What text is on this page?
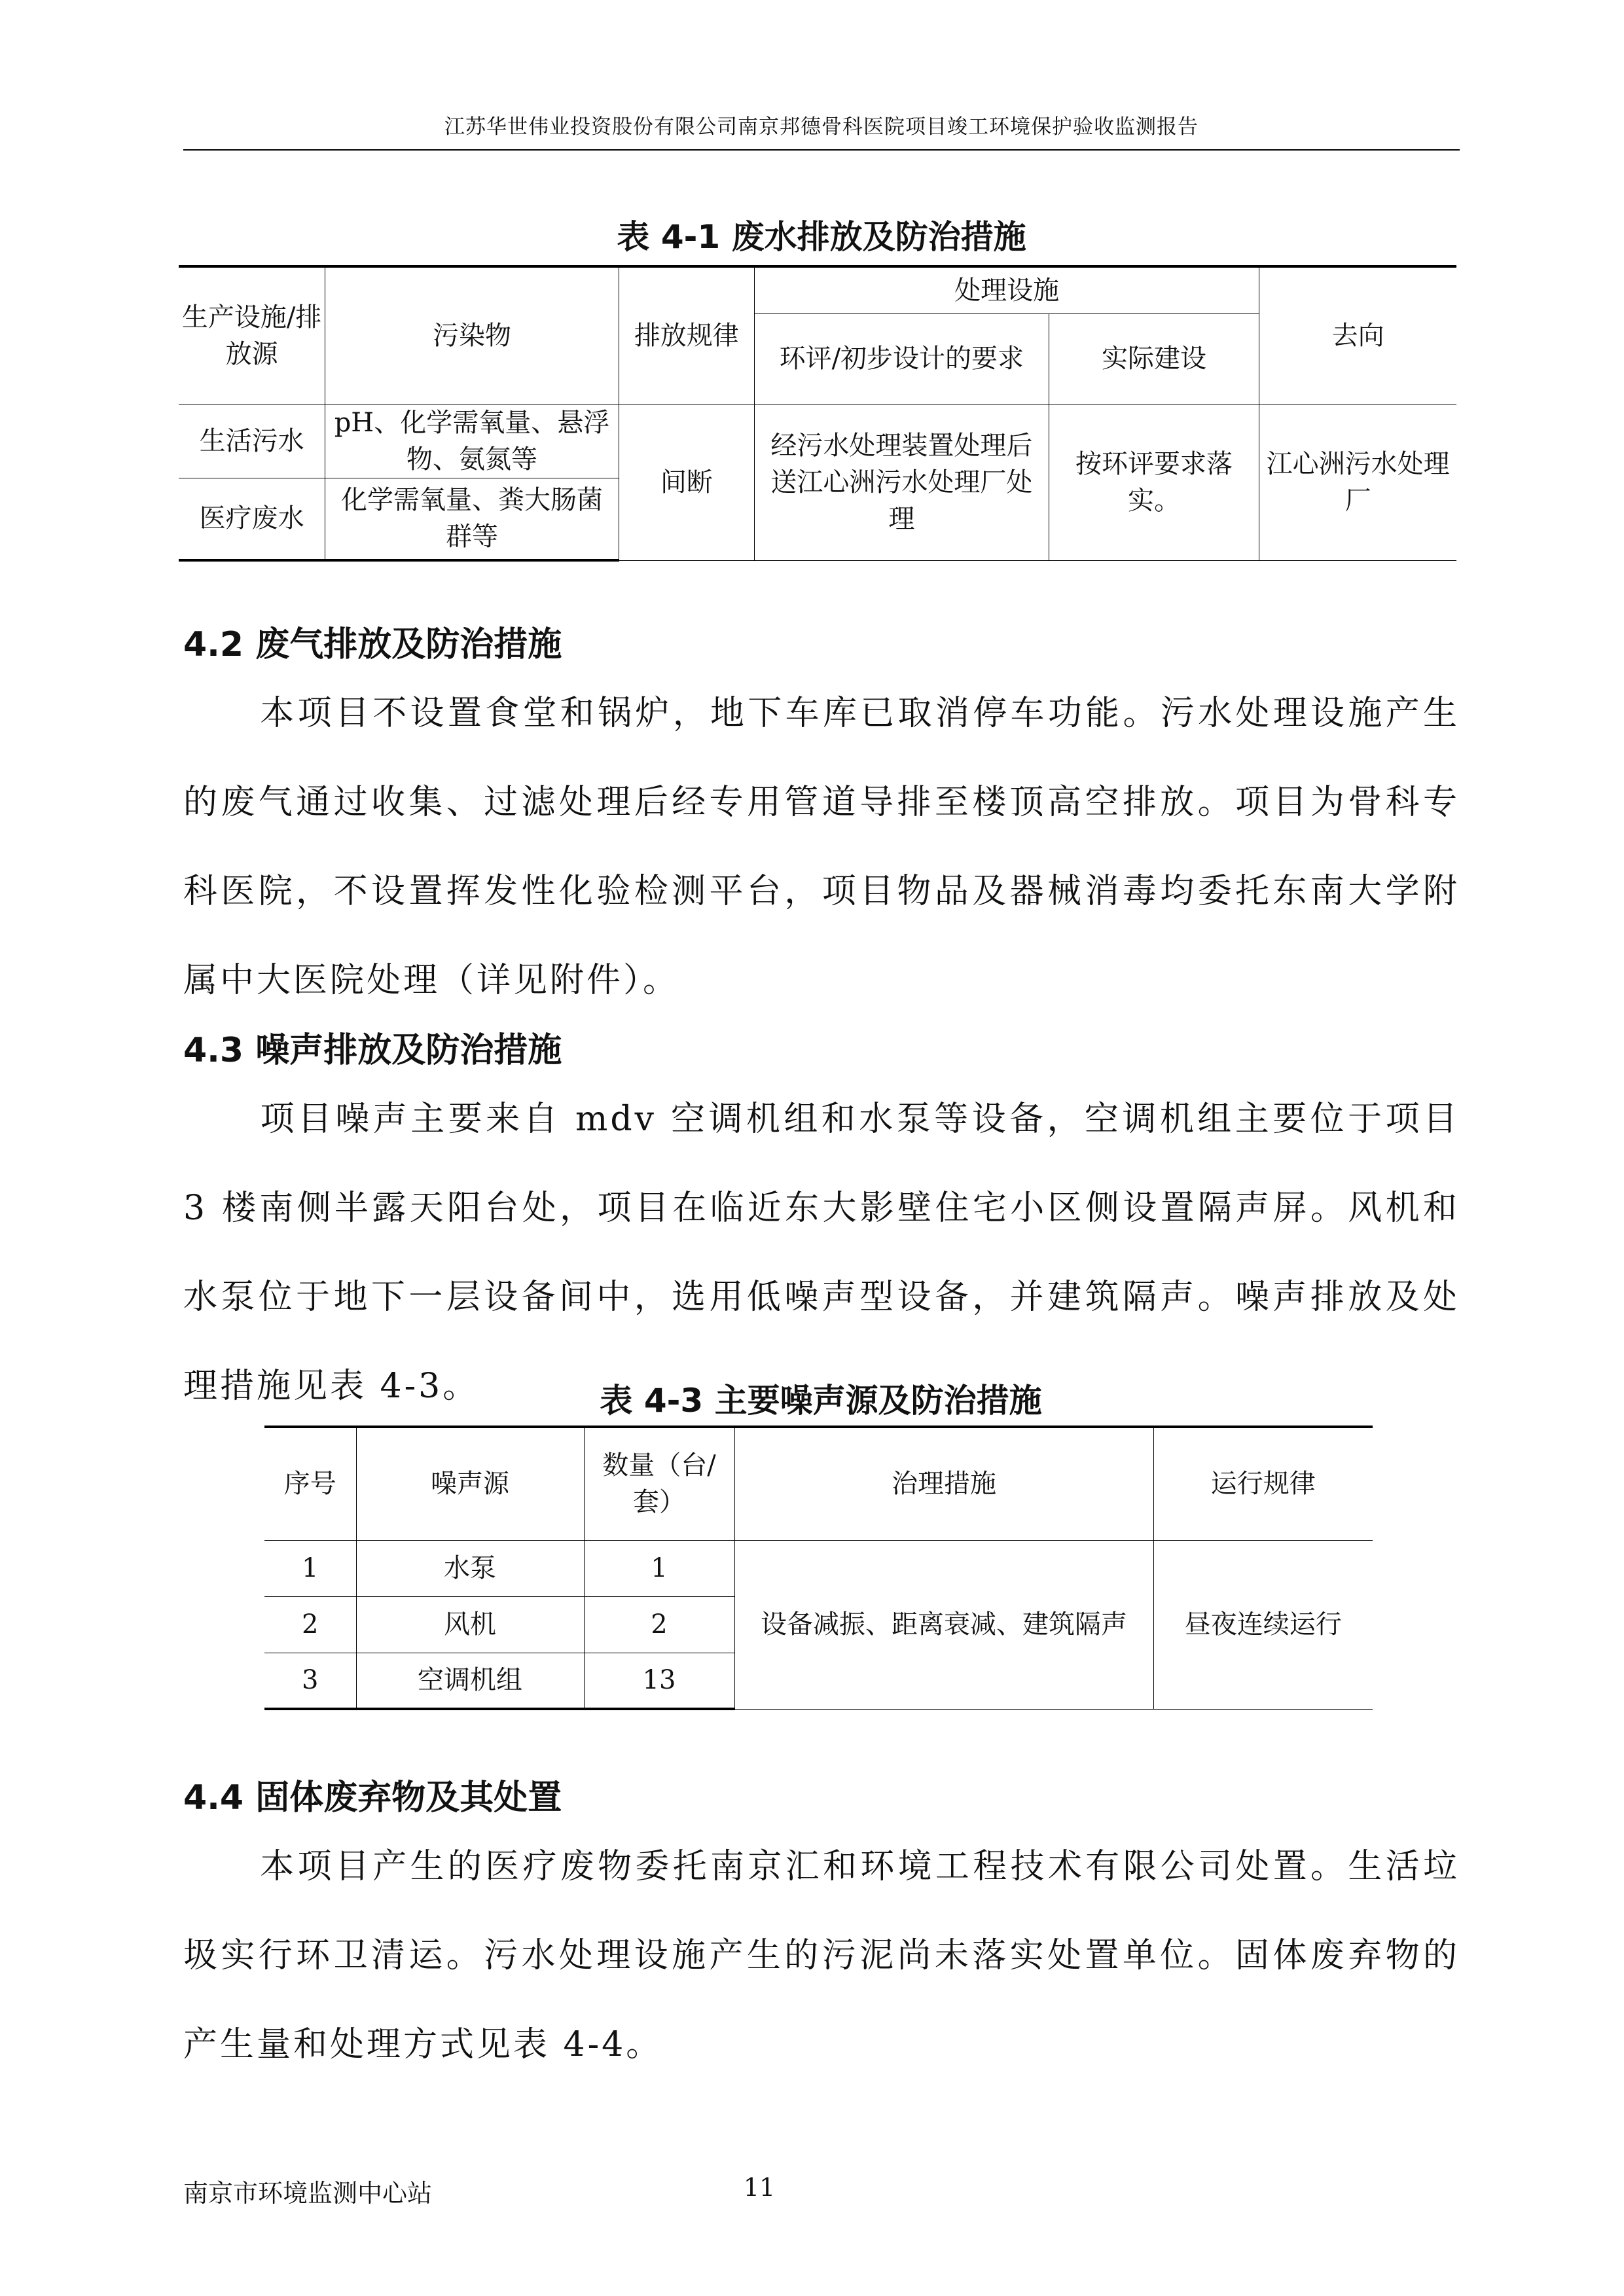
江苏华世伟业投资股份有限公司南京邦德骨科医院项目竣工环境保护验收监测报告
表 4-1 废水排放及防治措施
生产设施/排放源	污染物	排放规律	处理设施		去向
			环评/初步设计的要求	实际建设	
生活污水	pH、化学需氧量、悬浮物、氨氮等	间断	经污水处理装置处理后送江心洲污水处理厂处理	按环评要求落实。	江心洲污水处理厂
医疗废水	化学需氧量、粪大肠菌群等				
4.2 废气排放及防治措施
本项目不设置食堂和锅炉，地下车库已取消停车功能。污水处理设施产生的废气通过收集、过滤处理后经专用管道导排至楼顶高空排放。项目为骨科专科医院，不设置挥发性化验检测平台，项目物品及器械消毒均委托东南大学附属中大医院处理（详见附件）。
4.3 噪声排放及防治措施
项目噪声主要来自 mdv 空调机组和水泵等设备，空调机组主要位于项目 3 楼南侧半露天阳台处，项目在临近东大影壁住宅小区侧设置隔声屏。风机和水泵位于地下一层设备间中，选用低噪声型设备，并建筑隔声。噪声排放及处理措施见表 4-3。	表 4-3 主要噪声源及防治措施
序号	噪声源	数量（台/套）	治理措施	运行规律
1	水泵	1	设备减振、距离衰减、建筑隔声	昼夜连续运行
2	风机	2		
3	空调机组	13		
4.4 固体废弃物及其处置
本项目产生的医疗废物委托南京汇和环境工程技术有限公司处置。生活垃圾实行环卫清运。污水处理设施产生的污泥尚未落实处置单位。固体废弃物的产生量和处理方式见表 4-4。
南京市环境监测中心站	11
